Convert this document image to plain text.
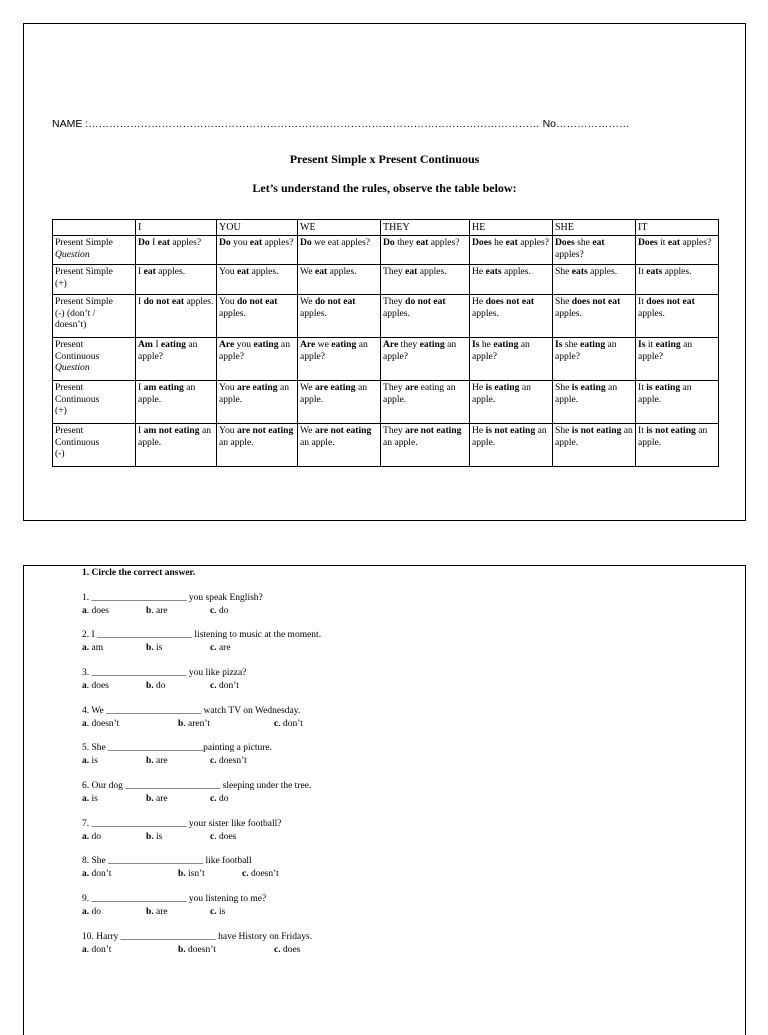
NAME :………………………………………………………………………………………………………………… No…………………
Present Simple x Present Continuous
Let’s understand the rules, observe the table below:
	I	YOU	WE	THEY	HE	SHE	IT
Present Simple
Question	Do I eat apples?	Do you eat apples?	Do we eat apples?	Do they eat apples?	Does he eat apples?	Does she eat apples?	Does it eat apples?
Present Simple
(+)	I eat apples.	You eat apples.	We eat apples.	They eat apples.	He eats apples.	She eats apples.	It eats apples.
Present Simple
(-) (don’t /
doesn’t)	I do not eat apples.	You do not eat apples.	We do not eat apples.	They do not eat apples.	He does not eat apples.	She does not eat apples.	It does not eat apples.
Present
Continuous
Question	Am I eating an apple?	Are you eating an apple?	Are we eating an apple?	Are they eating an apple?	Is he eating an apple?	Is she eating an apple?	Is it eating an apple?
Present
Continuous
(+)	I am eating an apple.	You are eating an apple.	We are eating an apple.	They are eating an apple.	He is eating an apple.	She is eating an apple.	It is eating an apple.
Present
Continuous
(-)	I am not eating an apple.	You are not eating an apple.	We are not eating an apple.	They are not eating an apple.	He is not eating an apple.	She is not eating an apple.	It is not eating an apple.
1. Circle the correct answer.
1. ____________________ you speak English?
a. does	b. are	c. do
2. I ____________________ listening to music at the moment.
a. am	b. is	c. are
3. ____________________ you like pizza?
a. does	b. do	c. don’t
4. We ____________________ watch TV on Wednesday.
a. doesn’t	b. aren’t	c. don’t
5. She ____________________painting a picture.
a. is	b. are	c. doesn’t
6. Our dog ____________________ sleeping under the tree.
a. is	b. are	c. do
7. ____________________ your sister like football?
a. do	b. is	c. does
8. She ____________________ like football
a. don’t	b. isn’t	c. doesn’t
9. ____________________ you listening to me?
a. do	b. are	c. is
10. Harry ____________________ have History on Fridays.
a. don’t	b. doesn’t	c. does
